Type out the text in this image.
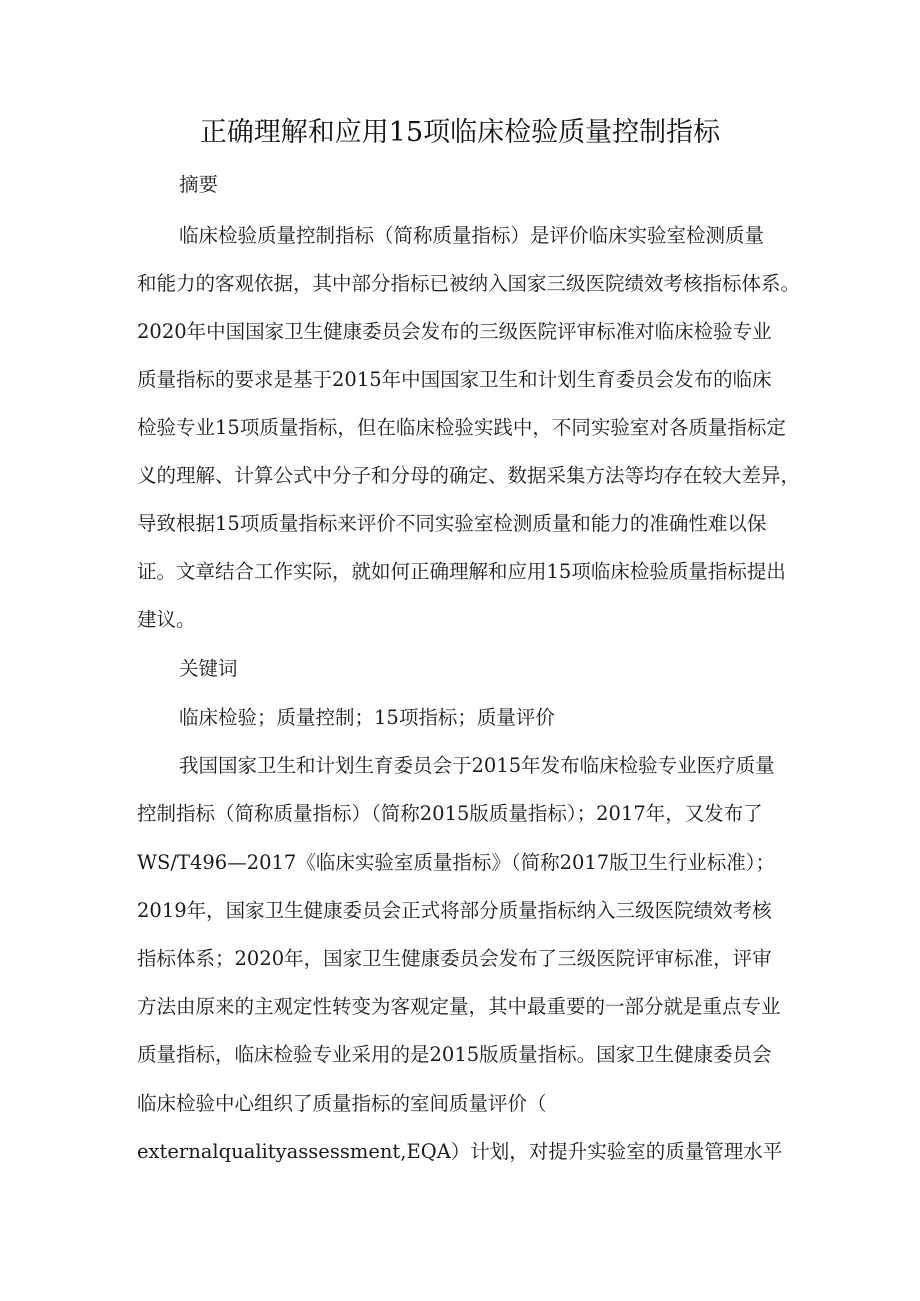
正确理解和应用15项临床检验质量控制指标
摘要
临床检验质量控制指标（简称质量指标）是评价临床实验室检测质量
和能力的客观依据，其中部分指标已被纳入国家三级医院绩效考核指标体系。
2020年中国国家卫生健康委员会发布的三级医院评审标准对临床检验专业
质量指标的要求是基于2015年中国国家卫生和计划生育委员会发布的临床
检验专业15项质量指标，但在临床检验实践中，不同实验室对各质量指标定
义的理解、计算公式中分子和分母的确定、数据采集方法等均存在较大差异，
导致根据15项质量指标来评价不同实验室检测质量和能力的准确性难以保
证。文章结合工作实际，就如何正确理解和应用15项临床检验质量指标提出
建议。
关键词
临床检验；质量控制；15项指标；质量评价
我国国家卫生和计划生育委员会于2015年发布临床检验专业医疗质量
控制指标（简称质量指标）（简称2015版质量指标）；2017年，又发布了
WS/T496—2017《临床实验室质量指标》（简称2017版卫生行业标准）；
2019年，国家卫生健康委员会正式将部分质量指标纳入三级医院绩效考核
指标体系；2020年，国家卫生健康委员会发布了三级医院评审标准，评审
方法由原来的主观定性转变为客观定量，其中最重要的一部分就是重点专业
质量指标，临床检验专业采用的是2015版质量指标。国家卫生健康委员会
临床检验中心组织了质量指标的室间质量评价（
externalqualityassessment,EQA）计划，对提升实验室的质量管理水平
